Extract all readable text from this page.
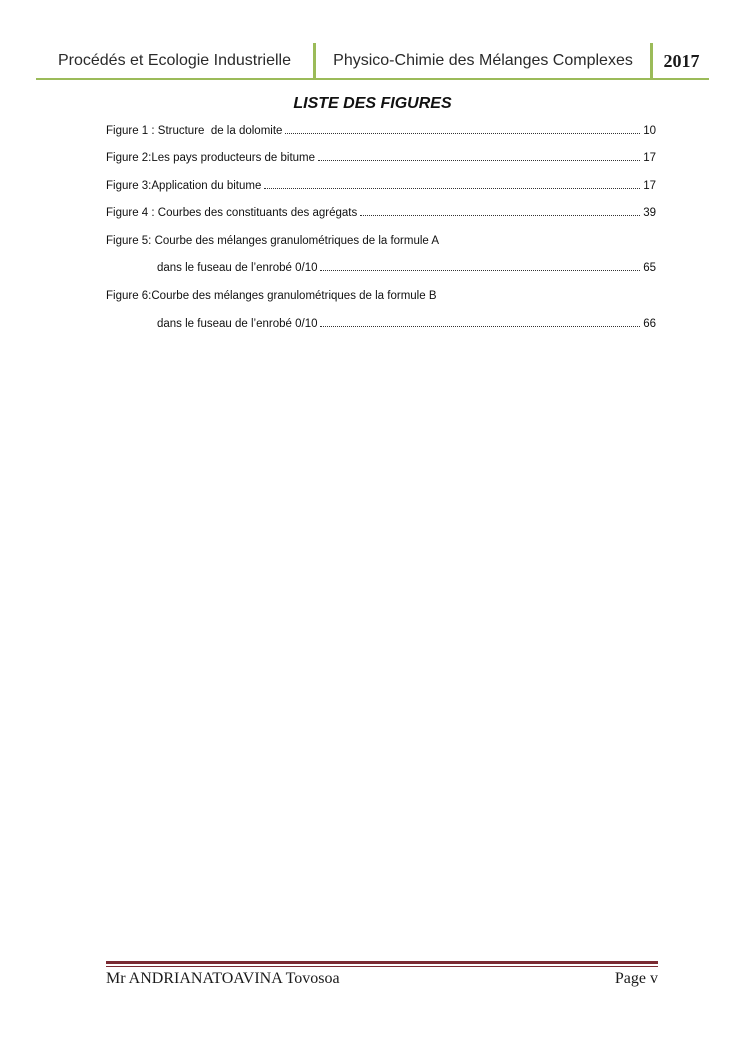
Procédés et Ecologie Industrielle	Physico-Chimie des Mélanges Complexes	2017
LISTE DES FIGURES
Figure 1 : Structure  de la dolomite	10
Figure 2:Les pays producteurs de bitume	17
Figure 3:Application du bitume	17
Figure 4 : Courbes des constituants des agrégats	39
Figure 5: Courbe des mélanges granulométriques de la formule A
dans le fuseau de l’enrobé 0/10	65
Figure 6:Courbe des mélanges granulométriques de la formule B
dans le fuseau de l’enrobé 0/10	66
Mr ANDRIANATOAVINA Tovosoa	Page v
